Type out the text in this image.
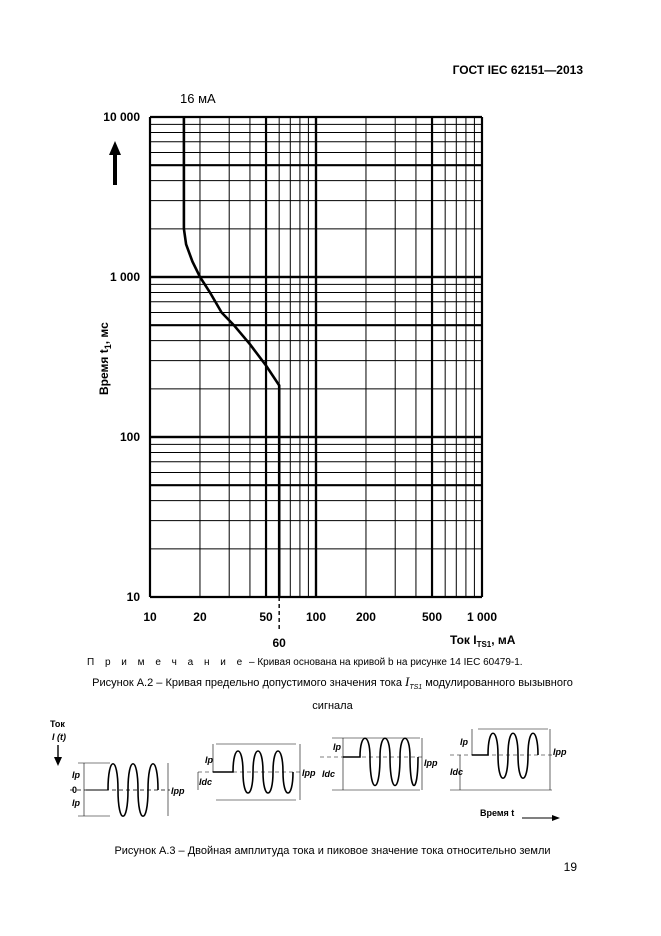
ГОСТ IEC 62151—2013
10	20	50	100 200	500 1 000
10
100
1 000
10 000
60
16 мА
Время $t_1$, мс
Ток $I_{TS1}$, мА
П р и м е ч а н и е – Кривая основана на кривой b на рисунке 14 IEC 60479-1.
Рисунок А.2 – Кривая предельно допустимого значения тока $I_{TS1}$ модулированного вызывного
сигнала
Ток
I (t)
Ip
0
Ip
Ipp
Ip
Idc
Ipp
Ip
Idc
Ipp
Ip
Idc
Ipp
Время t
Рисунок А.3 – Двойная амплитуда тока и пиковое значение тока относительно земли
19
